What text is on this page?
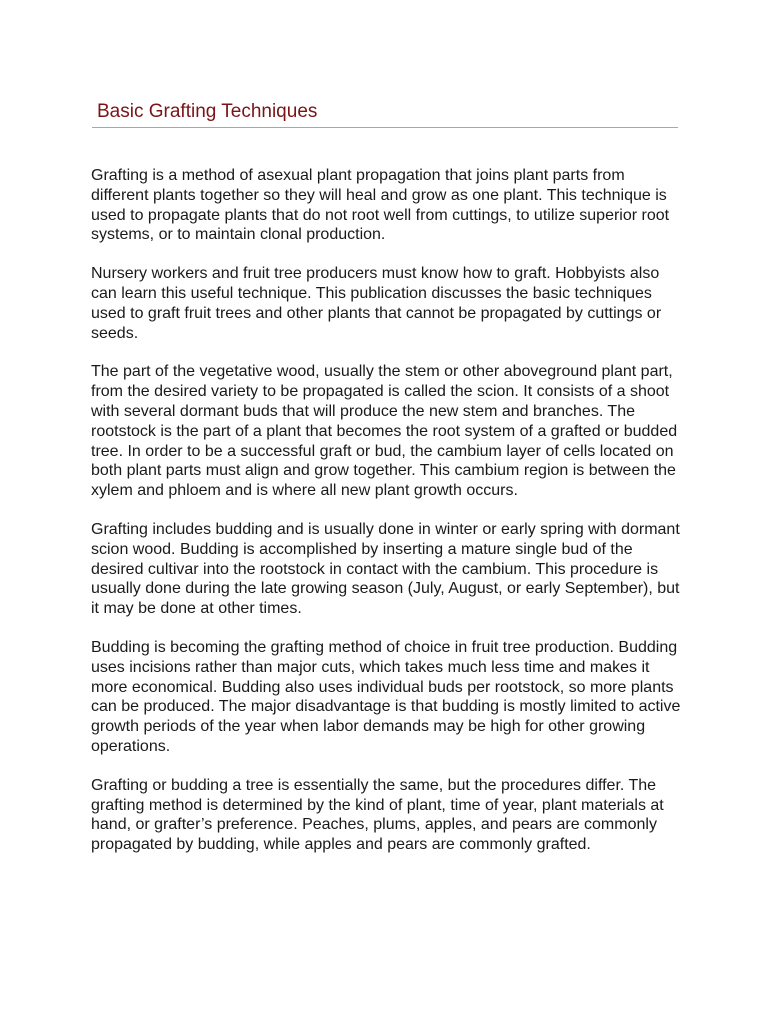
Basic Grafting Techniques

Grafting is a method of asexual plant propagation that joins plant parts from different plants together so they will heal and grow as one plant. This technique is used to propagate plants that do not root well from cuttings, to utilize superior root systems, or to maintain clonal production.

Nursery workers and fruit tree producers must know how to graft. Hobbyists also can learn this useful technique. This publication discusses the basic techniques used to graft fruit trees and other plants that cannot be propagated by cuttings or seeds.

The part of the vegetative wood, usually the stem or other aboveground plant part, from the desired variety to be propagated is called the scion. It consists of a shoot with several dormant buds that will produce the new stem and branches. The rootstock is the part of a plant that becomes the root system of a grafted or budded tree. In order to be a successful graft or bud, the cambium layer of cells located on both plant parts must align and grow together. This cambium region is between the xylem and phloem and is where all new plant growth occurs.

Grafting includes budding and is usually done in winter or early spring with dormant scion wood. Budding is accomplished by inserting a mature single bud of the desired cultivar into the rootstock in contact with the cambium. This procedure is usually done during the late growing season (July, August, or early September), but it may be done at other times.

Budding is becoming the grafting method of choice in fruit tree production. Budding uses incisions rather than major cuts, which takes much less time and makes it more economical. Budding also uses individual buds per rootstock, so more plants can be produced. The major disadvantage is that budding is mostly limited to active growth periods of the year when labor demands may be high for other growing operations.

Grafting or budding a tree is essentially the same, but the procedures differ. The grafting method is determined by the kind of plant, time of year, plant materials at hand, or grafter’s preference. Peaches, plums, apples, and pears are commonly propagated by budding, while apples and pears are commonly grafted.
